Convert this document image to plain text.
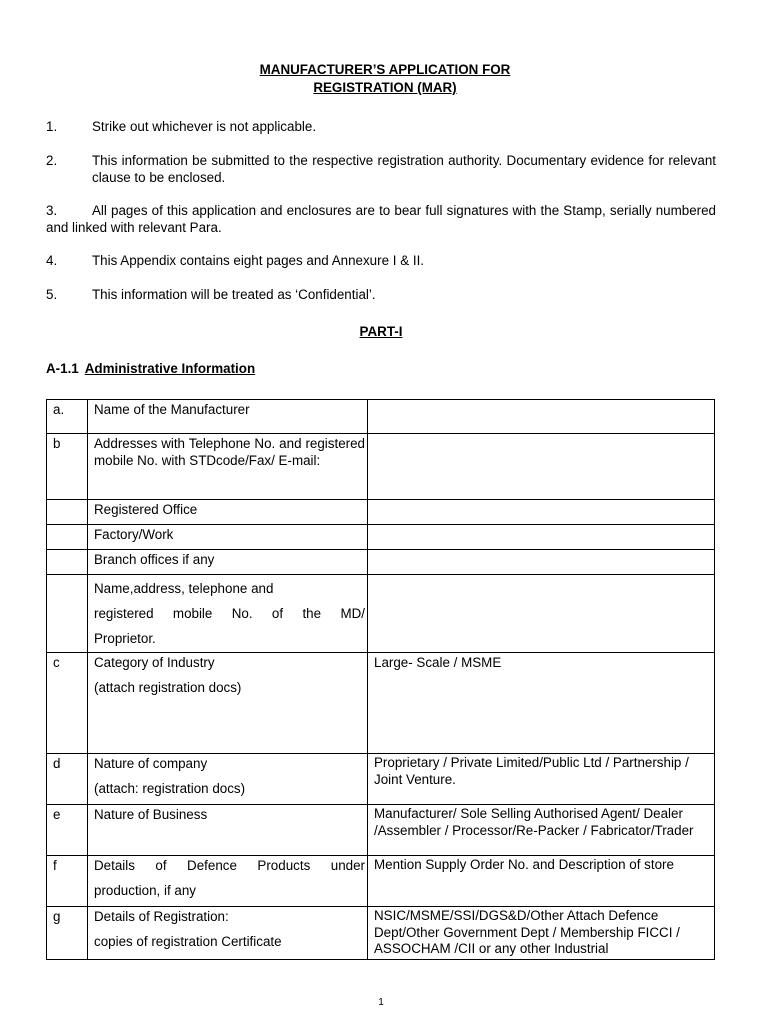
MANUFACTURER’S APPLICATION FOR
REGISTRATION (MAR)
1.	Strike out whichever is not applicable.
2.	This information be submitted to the respective registration authority. Documentary evidence for relevant clause to be enclosed.
3.	All pages of this application and enclosures are to bear full signatures with the Stamp, serially numbered and linked with relevant Para.
4.	This Appendix contains eight pages and Annexure I & II.
5.	This information will be treated as ‘Confidential’.
PART-I
A-1.1 Administrative Information
a.	Name of the Manufacturer	
b	Addresses with Telephone No. and registered mobile No. with STDcode/Fax/ E-mail:	
	Registered Office	
	Factory/Work	
	Branch offices if any	

	Name,address, telephone and
registered mobile No. of the MD/
Proprietor.	

c	Category of Industry
(attach registration docs)	Large- Scale / MSME
d	Nature of company
(attach: registration docs)	Proprietary / Private Limited/Public Ltd / Partnership / Joint Venture.
e	Nature of Business	Manufacturer/ Sole Selling Authorised Agent/ Dealer /Assembler / Processor/Re-Packer / Fabricator/Trader
f	Details of Defence Products under
production, if any	Mention Supply Order No. and Description of store
g	Details of Registration:
copies of registration Certificate	NSIC/MSME/SSI/DGS&D/Other Attach Defence Dept/Other Government Dept / Membership FICCI / ASSOCHAM /CII or any other Industrial
1
